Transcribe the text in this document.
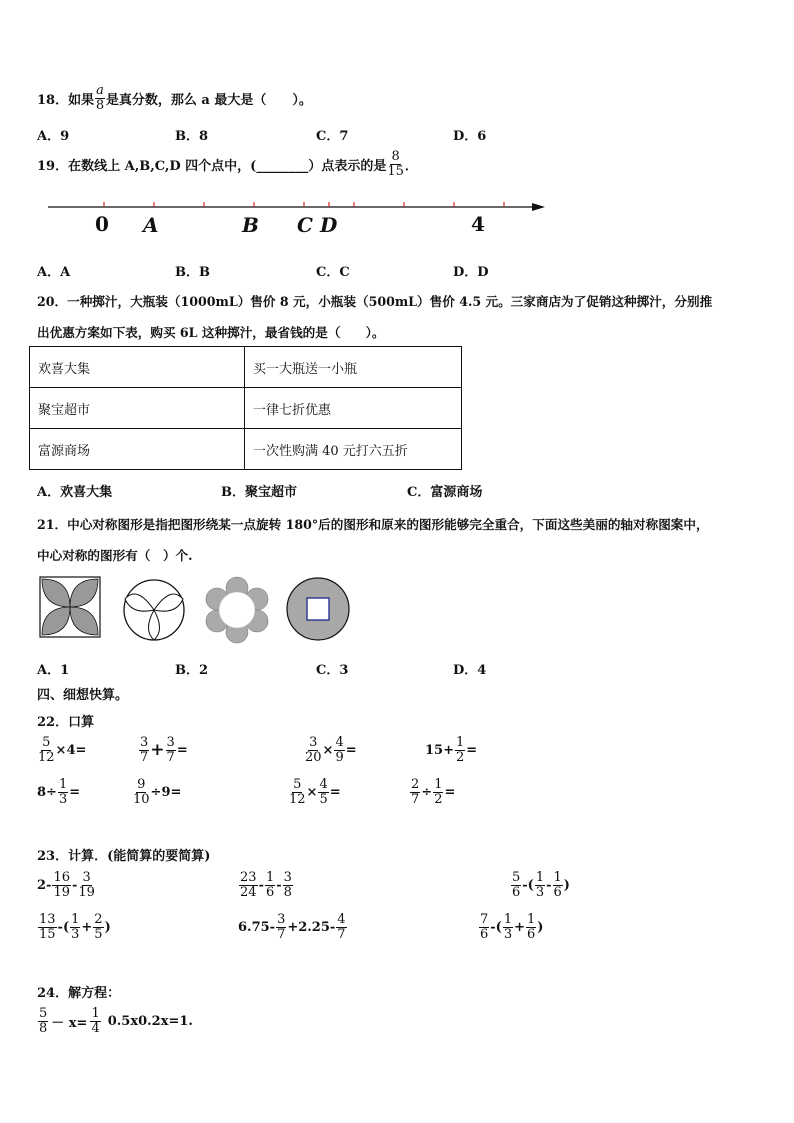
18．如果 $\frac{a}{8}$ 是真分数，那么 a 最大是（　　）。
A．9	B．8	C．7	D．6
19．在数线上 A,B,C,D 四个点中，(________）点表示的是 $\frac{8}{15}$ ．
0 A	B C D	4
A．A	B．B	C．C	D．D
20．一种掷汁，大瓶装（1000mL）售价 8 元，小瓶装（500mL）售价 4.5 元。三家商店为了促销这种掷汁，分别推
出优惠方案如下表，购买 6L 这种掷汁，最省钱的是（　　）。
欢喜大集	买一大瓶送一小瓶
聚宝超市	一律七折优惠
富源商场	一次性购满 40 元打六五折
A．欢喜大集	B．聚宝超市	C．富源商场
21．中心对称图形是指把图形绕某一点旋转 180°后的图形和原来的图形能够完全重合，下面这些美丽的轴对称图案中，
中心对称的图形有（　）个.
A．1	B．2	C．3	D．4
四、细想快算。
22．口算
$\frac{5}{12} \times 4=$	$\frac{3}{7} + \frac{3}{7}$ =	$\frac{3}{20} \times \frac{4}{9}$ =	$15+ \frac{1}{2}$ =
$8\div \frac{1}{3}$ =	$\frac{9}{10} \div 9=$	$\frac{5}{12} \times \frac{4}{5}$ =	$\frac{2}{7} \div \frac{1}{2}$ =
23．计算．(能简算的要简算)
$2- \frac{16}{19} - \frac{3}{19}$	$\frac{23}{24} - \frac{1}{6} - \frac{3}{8}$	$\frac{5}{6}$ -( $\frac{1}{3} - \frac{1}{6}$ )
$\frac{13}{15}$ -( $\frac{1}{3} + \frac{2}{5}$ )	$6.75- \frac{3}{7} +2.25- \frac{4}{7}$	$\frac{7}{6}$ -( $\frac{1}{3} + \frac{1}{6}$ )
24．解方程：
$\frac{5}{8} - x= \frac{1}{4} 0.5x0.2x=1$.
